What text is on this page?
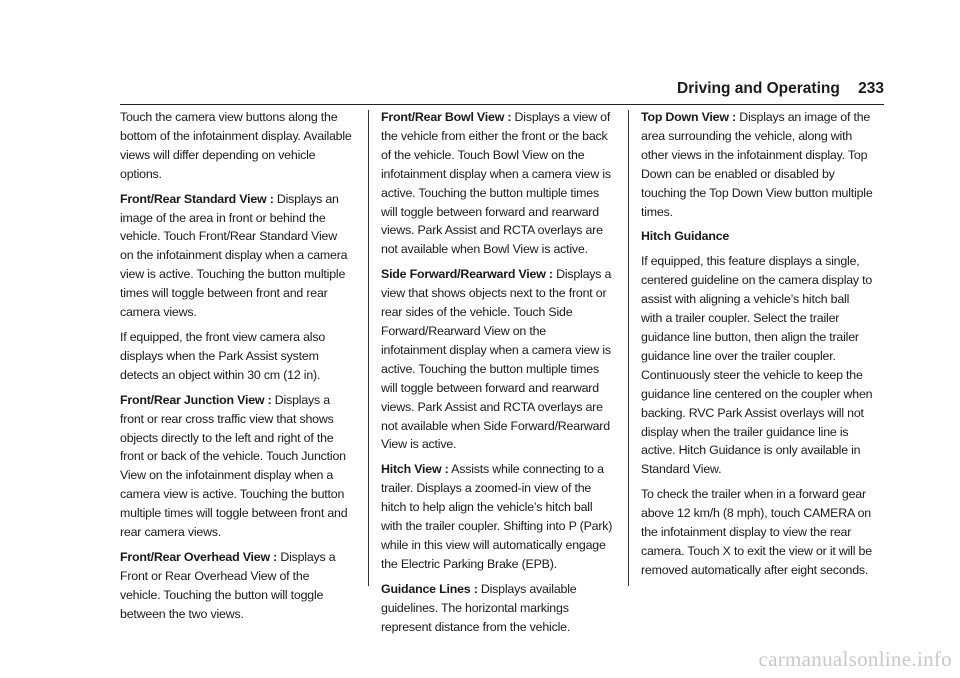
Driving and Operating 233

Touch the camera view buttons along the bottom of the infotainment display. Available views will differ depending on vehicle options.

Front/Rear Standard View : Displays an image of the area in front or behind the vehicle. Touch Front/Rear Standard View on the infotainment display when a camera view is active. Touching the button multiple times will toggle between front and rear camera views.

If equipped, the front view camera also displays when the Park Assist system detects an object within 30 cm (12 in).

Front/Rear Junction View : Displays a front or rear cross traffic view that shows objects directly to the left and right of the front or back of the vehicle. Touch Junction View on the infotainment display when a camera view is active. Touching the button multiple times will toggle between front and rear camera views.

Front/Rear Overhead View : Displays a Front or Rear Overhead View of the vehicle. Touching the button will toggle between the two views.

Front/Rear Bowl View : Displays a view of the vehicle from either the front or the back of the vehicle. Touch Bowl View on the infotainment display when a camera view is active. Touching the button multiple times will toggle between forward and rearward views. Park Assist and RCTA overlays are not available when Bowl View is active.

Side Forward/Rearward View : Displays a view that shows objects next to the front or rear sides of the vehicle. Touch Side Forward/Rearward View on the infotainment display when a camera view is active. Touching the button multiple times will toggle between forward and rearward views. Park Assist and RCTA overlays are not available when Side Forward/Rearward View is active.

Hitch View : Assists while connecting to a trailer. Displays a zoomed-in view of the hitch to help align the vehicle’s hitch ball with the trailer coupler. Shifting into P (Park) while in this view will automatically engage the Electric Parking Brake (EPB).

Guidance Lines : Displays available guidelines. The horizontal markings represent distance from the vehicle.

Top Down View : Displays an image of the area surrounding the vehicle, along with other views in the infotainment display. Top Down can be enabled or disabled by touching the Top Down View button multiple times.

Hitch Guidance

If equipped, this feature displays a single, centered guideline on the camera display to assist with aligning a vehicle’s hitch ball with a trailer coupler. Select the trailer guidance line button, then align the trailer guidance line over the trailer coupler. Continuously steer the vehicle to keep the guidance line centered on the coupler when backing. RVC Park Assist overlays will not display when the trailer guidance line is active. Hitch Guidance is only available in Standard View.

To check the trailer when in a forward gear above 12 km/h (8 mph), touch CAMERA on the infotainment display to view the rear camera. Touch X to exit the view or it will be removed automatically after eight seconds.

carmanualsonline.info
